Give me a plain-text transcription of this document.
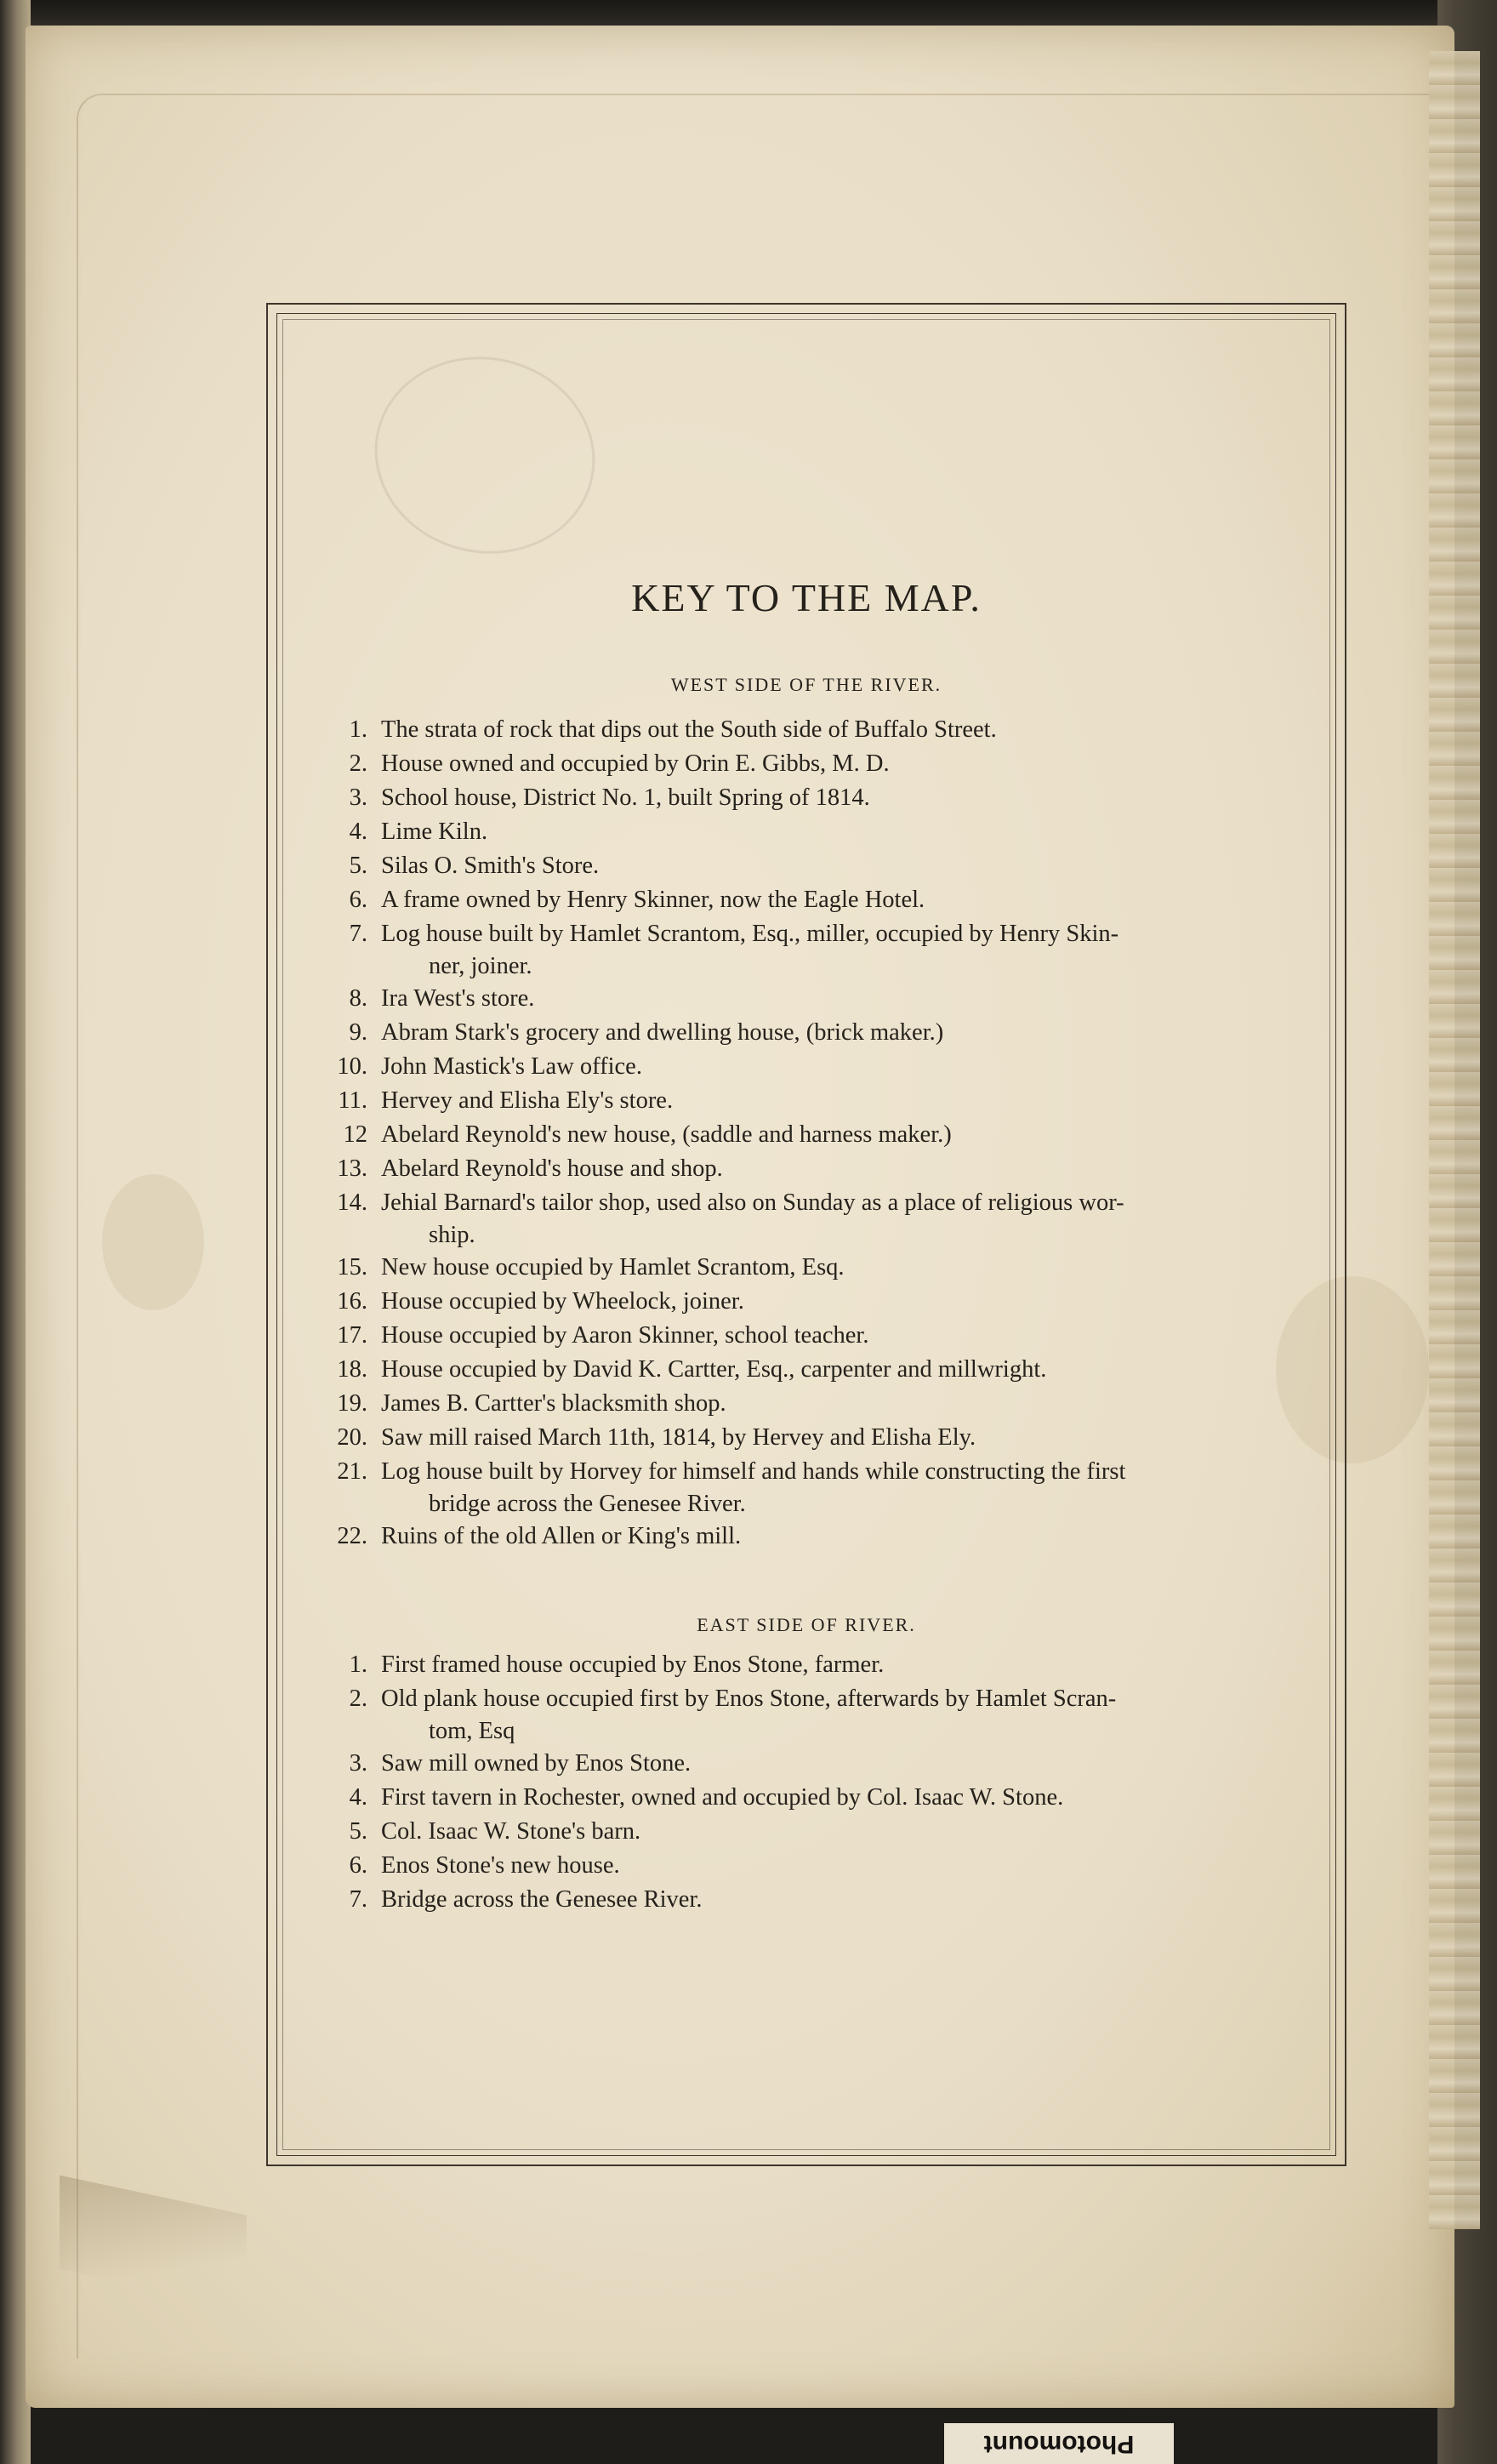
KEY TO THE MAP.
WEST SIDE OF THE RIVER.
1. The strata of rock that dips out the South side of Buffalo Street.
2. House owned and occupied by Orin E. Gibbs, M. D.
3. School house, District No. 1, built Spring of 1814.
4. Lime Kiln.
5. Silas O. Smith's Store.
6. A frame owned by Henry Skinner, now the Eagle Hotel.
7. Log house built by Hamlet Scrantom, Esq., miller, occupied by Henry Skin-
ner, joiner.
8. Ira West's store.
9. Abram Stark's grocery and dwelling house, (brick maker.)
10. John Mastick's Law office.
11. Hervey and Elisha Ely's store.
12 Abelard Reynold's new house, (saddle and harness maker.)
13. Abelard Reynold's house and shop.
14. Jehial Barnard's tailor shop, used also on Sunday as a place of religious wor-
ship.
15. New house occupied by Hamlet Scrantom, Esq.
16. House occupied by Wheelock, joiner.
17. House occupied by Aaron Skinner, school teacher.
18. House occupied by David K. Cartter, Esq., carpenter and millwright.
19. James B. Cartter's blacksmith shop.
20. Saw mill raised March 11th, 1814, by Hervey and Elisha Ely.
21. Log house built by Horvey for himself and hands while constructing the first
bridge across the Genesee River.
22. Ruins of the old Allen or King's mill.
EAST SIDE OF RIVER.
1. First framed house occupied by Enos Stone, farmer.
2. Old plank house occupied first by Enos Stone, afterwards by Hamlet Scran-
tom, Esq
3. Saw mill owned by Enos Stone.
4. First tavern in Rochester, owned and occupied by Col. Isaac W. Stone.
5. Col. Isaac W. Stone's barn.
6. Enos Stone's new house.
7. Bridge across the Genesee River.
Photomount
